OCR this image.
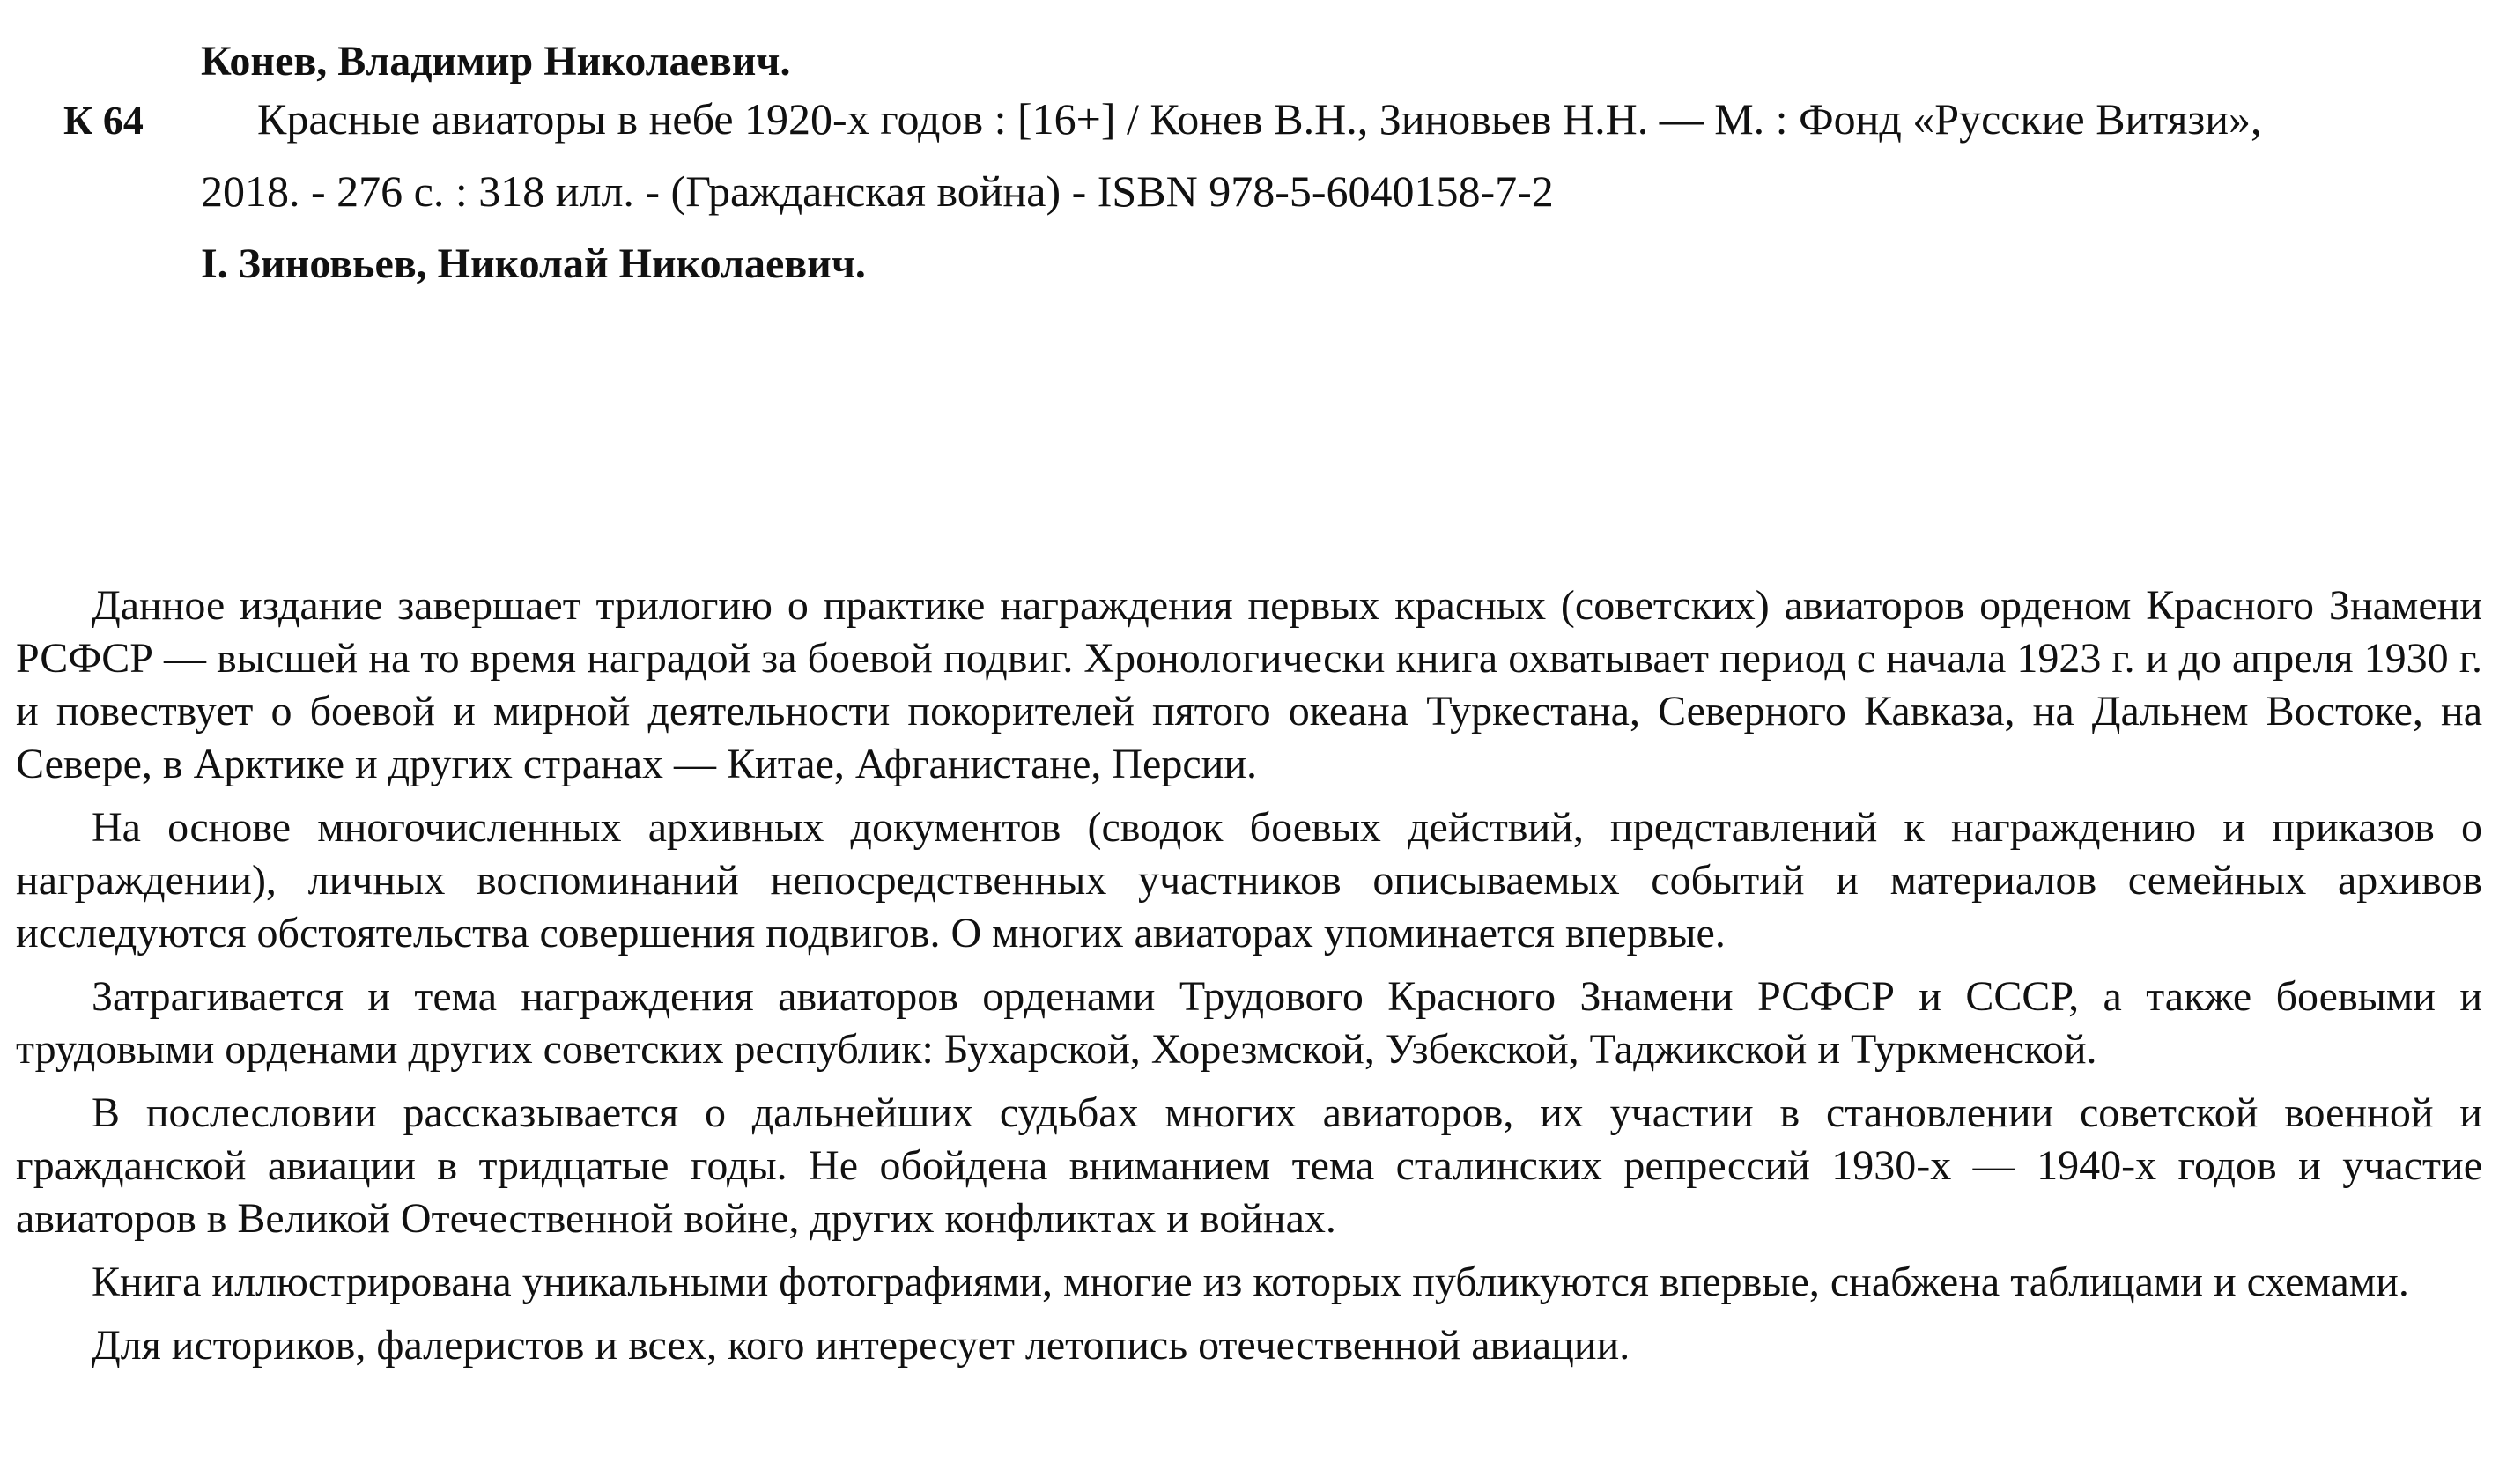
Конев, Владимир Николаевич.
К 64	Красные авиаторы в небе 1920-х годов : [16+] / Конев В.Н., Зиновьев Н.Н. — М. : Фонд «Русские Витязи», 2018. - 276 с. : 318 илл. - (Гражданская война) - ISBN 978-5-6040158-7-2
I. Зиновьев, Николай Николаевич.

Данное издание завершает трилогию о практике награждения первых красных (советских) авиаторов орденом Красного Знамени РСФСР — высшей на то время наградой за боевой подвиг. Хронологически книга охватывает период с начала 1923 г. и до апреля 1930 г. и повествует о боевой и мирной деятельности покорителей пятого океана Туркестана, Северного Кавказа, на Дальнем Востоке, на Севере, в Арктике и других странах — Китае, Афганистане, Персии.

На основе многочисленных архивных документов (сводок боевых действий, представлений к награждению и приказов о награждении), личных воспоминаний непосредственных участников описываемых событий и материалов семейных архивов исследуются обстоятельства совершения подвигов. О многих авиаторах упоминается впервые.

Затрагивается и тема награждения авиаторов орденами Трудового Красного Знамени РСФСР и СССР, а также боевыми и трудовыми орденами других советских республик: Бухарской, Хорезмской, Узбекской, Таджикской и Туркменской.

В послесловии рассказывается о дальнейших судьбах многих авиаторов, их участии в становлении советской военной и гражданской авиации в тридцатые годы. Не обойдена вниманием тема сталинских репрессий 1930-х — 1940-х годов и участие авиаторов в Великой Отечественной войне, других конфликтах и войнах.

Книга иллюстрирована уникальными фотографиями, многие из которых публикуются впервые, снабжена таблицами и схемами.

Для историков, фалеристов и всех, кого интересует летопись отечественной авиации.
